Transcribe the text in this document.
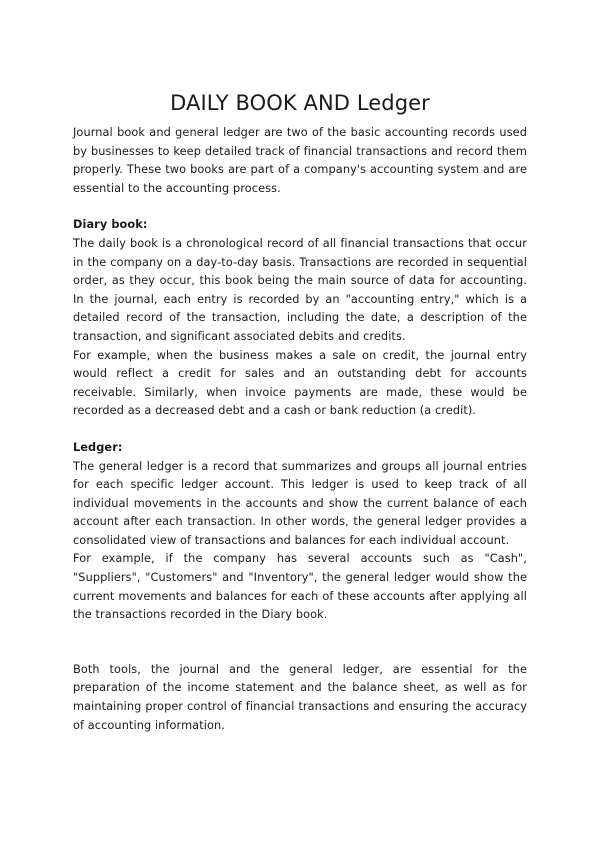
DAILY BOOK AND Ledger

Journal book and general ledger are two of the basic accounting records used by businesses to keep detailed track of financial transactions and record them properly. These two books are part of a company's accounting system and are essential to the accounting process.

Diary book:

The daily book is a chronological record of all financial transactions that occur in the company on a day-to-day basis. Transactions are recorded in sequential order, as they occur, this book being the main source of data for accounting. In the journal, each entry is recorded by an "accounting entry," which is a detailed record of the transaction, including the date, a description of the transaction, and significant associated debits and credits.

For example, when the business makes a sale on credit, the journal entry would reflect a credit for sales and an outstanding debt for accounts receivable. Similarly, when invoice payments are made, these would be recorded as a decreased debt and a cash or bank reduction (a credit).

Ledger:

The general ledger is a record that summarizes and groups all journal entries for each specific ledger account. This ledger is used to keep track of all individual movements in the accounts and show the current balance of each account after each transaction. In other words, the general ledger provides a consolidated view of transactions and balances for each individual account.

For example, if the company has several accounts such as "Cash", "Suppliers", "Customers" and "Inventory", the general ledger would show the current movements and balances for each of these accounts after applying all the transactions recorded in the Diary book.

Both tools, the journal and the general ledger, are essential for the preparation of the income statement and the balance sheet, as well as for maintaining proper control of financial transactions and ensuring the accuracy of accounting information.
